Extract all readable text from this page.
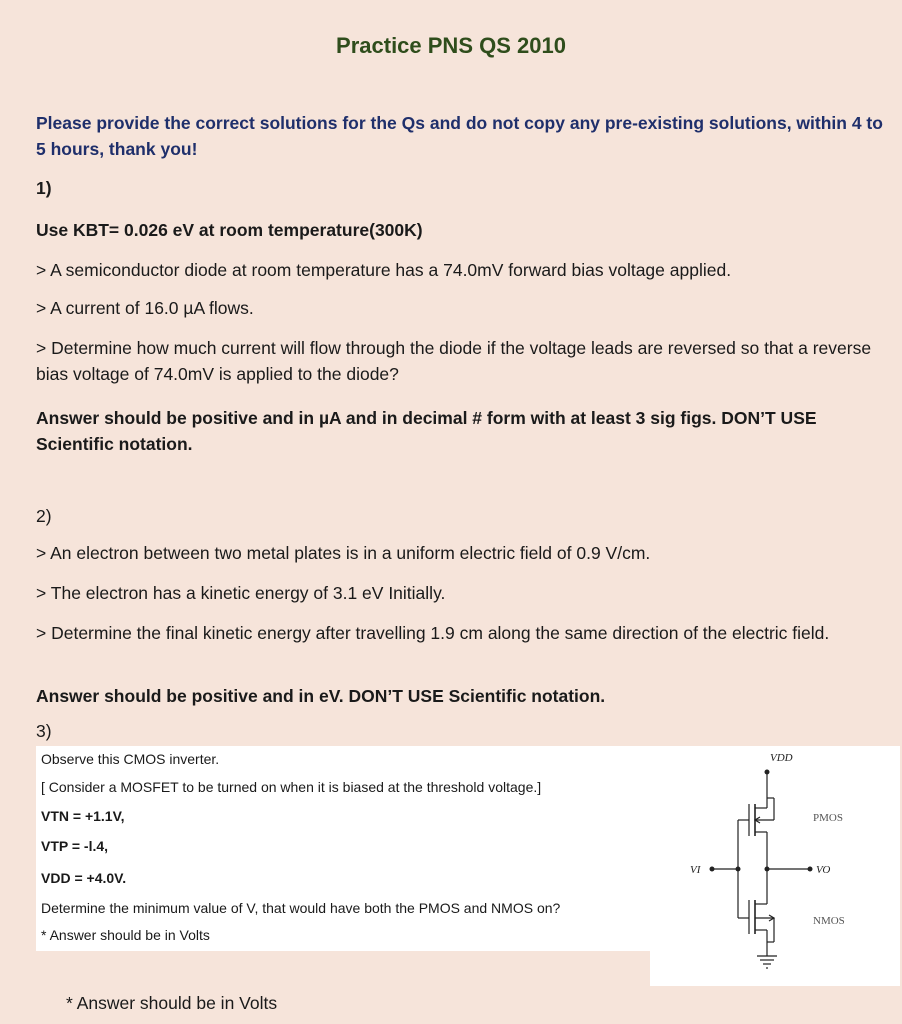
Practice PNS QS 2010
Please provide the correct solutions for the Qs and do not copy any pre-existing solutions, within 4 to 5 hours, thank you!
1)
Use KBT= 0.026 eV at room temperature(300K)
> A semiconductor diode at room temperature has a 74.0mV forward bias voltage applied.
> A current of 16.0 µA flows.
> Determine how much current will flow through the diode if the voltage leads are reversed so that a reverse bias voltage of 74.0mV is applied to the diode?
Answer should be positive and in µA and in decimal # form with at least 3 sig figs. DON’T USE Scientific notation.
2)
> An electron between two metal plates is in a uniform electric field of 0.9 V/cm.
> The electron has a kinetic energy of 3.1 eV Initially.
> Determine the final kinetic energy after travelling 1.9 cm along the same direction of the electric field.
Answer should be positive and in eV. DON’T USE Scientific notation.
3)
Observe this CMOS inverter.
[ Consider a MOSFET to be turned on when it is biased at the threshold voltage.]
VTN = +1.1V,
VTP = -l.4,
VDD = +4.0V.
Determine the minimum value of V, that would have both the PMOS and NMOS on?
* Answer should be in Volts
VDD
PMOS
VO
VI
NMOS
* Answer should be in Volts
